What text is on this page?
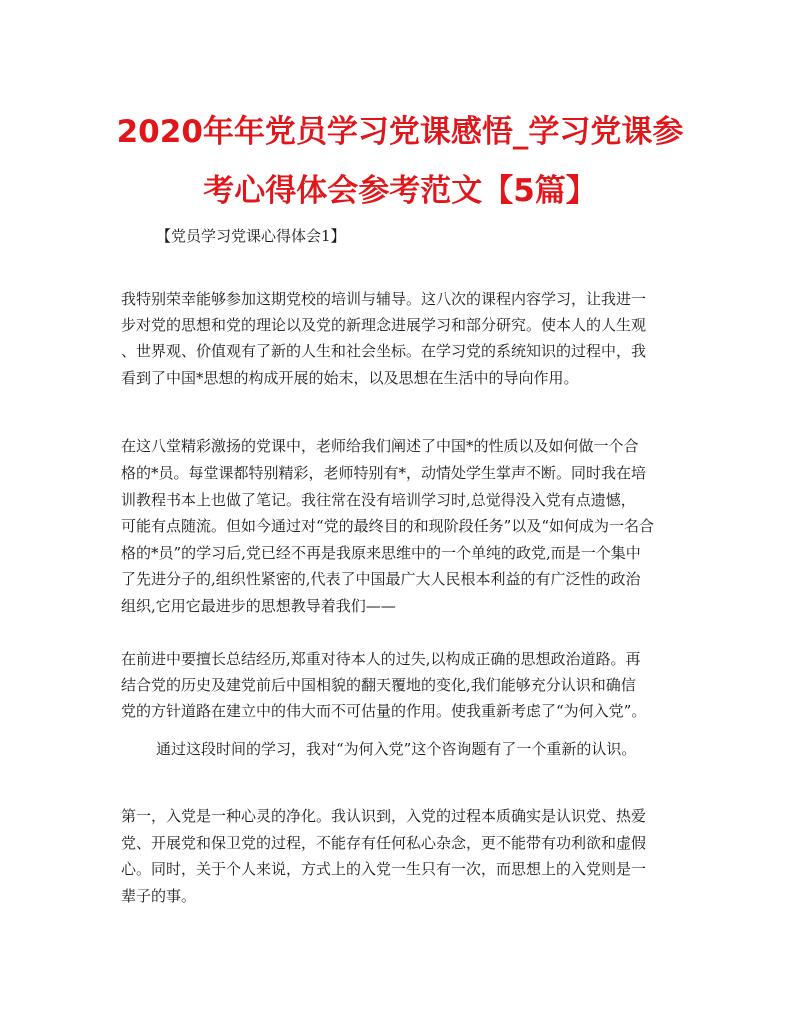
2020年年党员学习党课感悟_学习党课参
考心得体会参考范文【5篇】

【党员学习党课心得体会1】

我特别荣幸能够参加这期党校的培训与辅导。这八次的课程内容学习，让我进一

步对党的思想和党的理论以及党的新理念进展学习和部分研究。使本人的人生观

、世界观、价值观有了新的人生和社会坐标。在学习党的系统知识的过程中，我

看到了中国*思想的构成开展的始末，以及思想在生活中的导向作用。

在这八堂精彩激扬的党课中，老师给我们阐述了中国*的性质以及如何做一个合

格的*员。每堂课都特别精彩，老师特别有*，动情处学生掌声不断。同时我在培

训教程书本上也做了笔记。我往常在没有培训学习时,总觉得没入党有点遗憾，

可能有点随流。但如今通过对“党的最终目的和现阶段任务”以及“如何成为一名合

格的*员”的学习后,党已经不再是我原来思维中的一个单纯的政党,而是一个集中

了先进分子的,组织性紧密的,代表了中国最广大人民根本利益的有广泛性的政治

组织,它用它最进步的思想教导着我们——

在前进中要擅长总结经历,郑重对待本人的过失,以构成正确的思想政治道路。再

结合党的历史及建党前后中国相貌的翻天覆地的变化,我们能够充分认识和确信

党的方针道路在建立中的伟大而不可估量的作用。使我重新考虑了“为何入党”。

通过这段时间的学习，我对“为何入党”这个咨询题有了一个重新的认识。

第一，入党是一种心灵的净化。我认识到，入党的过程本质确实是认识党、热爱

党、开展党和保卫党的过程，不能存有任何私心杂念，更不能带有功利欲和虚假

心。同时，关于个人来说，方式上的入党一生只有一次，而思想上的入党则是一

辈子的事。
